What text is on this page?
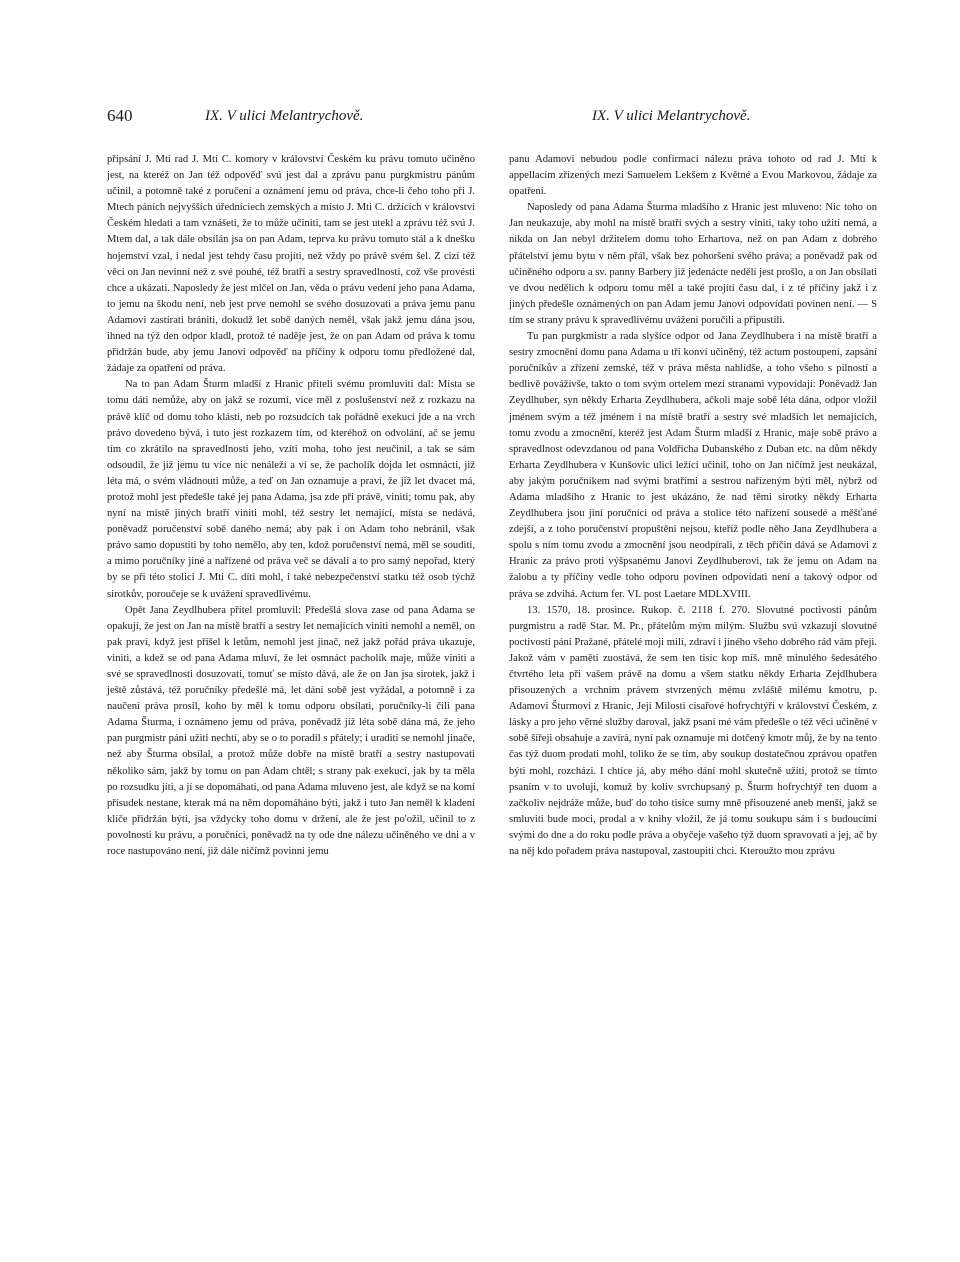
640	IX. V ulici Melantrychově.	IX. V ulici Melantrychově.

připsání J. Mtí rad J. Mtí C. komory v království Českém ku právu tomuto učiněno jest, na kteréž on Jan též odpověď svú jest dal a zprávu panu purgkmistru pánům učinil, a potomně také z poručení a oznámení jemu od práva, chce-li čeho toho při J. Mtech páních nejvyšších úředníciech zemských a místo J. Mti C. držících v království Českém hledati a tam vznášeti, že to může učiniti, tam se jest utekl a zprávu též svú J. Mtem dal, a tak dále obsílán jsa on pan Adam, teprva ku právu tomuto stál a k dnešku hojemství vzal, i nedal jest tehdy času projíti, než vždy po právě svém šel. Z cizí též věci on Jan nevinní než z své pouhé, též bratří a sestry spravedlnosti, což vše provésti chce a ukázati. Naposledy že jest mlčel on Jan, věda o právu vedení jeho pana Adama, to jemu na škodu není, neb jest prve nemohl se svého dosuzovati a práva jemu panu Adamovi zastírati brániti, dokudž let sobě daných neměl, však jakž jemu dána jsou, ihned na týž den odpor kladl, protož té naděje jest, že on pan Adam od práva k tomu přidržán bude, aby jemu Janovi odpověď na příčiny k odporu tomu předložené dal, žádaje za opatření od práva.

Na to pan Adam Šturm mladší z Hranic přiteli svému promluviti dal: Místa se tomu dáti nemůže, aby on jakž se rozumí, více měl z poslušenství než z rozkazu na právě klíč od domu toho klásti, neb po rozsudcích tak pořádně exekucí jde a na vrch právo dovedeno bývá, i tuto jest rozkazem tím, od kteréhož on odvolání, ač se jemu tím co zkrátilo na spravedlnosti jeho, vzíti moha, toho jest neučinil, a tak se sám odsoudil, že již jemu tu více nic nenáleží a ví se, že pacholík dojda let osmnácti, již léta má, o svém vládnouti může, a teď on Jan oznamuje a praví, že již let dvacet má, protož mohl jest předešle také jej pana Adama, jsa zde při právě, viniti; tomu pak, aby nyní na místě jiných bratří viniti mohl, též sestry let nemající, místa se nedává, poněvadž poručenství sobě daného nemá; aby pak i on Adam toho nebránil, však právo samo dopustiti by toho nemělo, aby ten, kdož poručenství nemá, měl se souditi, a mimo poručníky jiné a nařízené od práva več se dávali a to pro samý nepořad, který by se při této stolici J. Mti C. díti mohl, i také nebezpečenství statku též osob týchž sirotkův, poroučeje se k uvážení spravedlivému.

Opět Jana Zeydlhubera přítel promluvil: Předešlá slova zase od pana Adama se opakují, že jest on Jan na místě bratří a sestry let nemajících viniti nemohl a neměl, on pak praví, když jest přišel k letům, nemohl jest jinač, než jakž pořád práva ukazuje, viniti, a kdež se od pana Adama mluví, že let osmnáct pacholík maje, může viniti a své se spravedlnosti dosuzovati, tomuť se místo dává, ale že on Jan jsa sirotek, jakž i ještě zůstává, též poručníky předešlé má, let dání sobě jest vyžádal, a potomně i za naučení práva prosil, koho by měl k tomu odporu obsílati, poručníky-li čili pana Adama Šturma, i oznámeno jemu od práva, poněvadž již léta sobě dána má, že jeho pan purgmistr páni užiti nechtí, aby se o to poradil s přátely; i uraditi se nemohl jinače, než aby Šturma obsílal, a protož může dobře na místě bratří a sestry nastupovati několiko sám, jakž by tomu on pan Adam chtěl; s strany pak exekucí, jak by ta měla po rozsudku jíti, a jí se dopomáhati, od pana Adama mluveno jest, ale když se na komí přísudek nestane, kterak má na něm dopomáháno býti, jakž i tuto Jan neměl k kladení klíče přidržán býti, jsa vždycky toho domu v držení, ale že jest po'ožil, učinil to z povolnosti ku právu, a poručníci, poněvadž na ty ode dne nálezu učiněného ve dni a v roce nastupováno není, již dále ničímž povinni jemu

panu Adamovi nebudou podle confirmací nálezu práva tohoto od rad J. Mtí k appellacím zřízených mezi Samuelem Lekšem z Květné a Evou Markovou, žádaje za opatření.

Naposledy od pana Adama Šturma mladšího z Hranic jest mluveno: Nic toho on Jan neukazuje, aby mohl na místě bratří svých a sestry viniti, taky toho užití nemá, a nikda on Jan nebyl držitelem domu toho Erhartova, než on pan Adam z dobrého přátelství jemu bytu v něm přál, však bez pohoršení svého práva; a poněvadž pak od učiněného odporu a sv. panny Barbery již jedenácte nedělí jest prošlo, a on Jan obsílati ve dvou nedělích k odporu tomu měl a také projíti času dal, i z té příčiny jakž i z jiných předešle oznámených on pan Adam jemu Janovi odpovídati povinen není. — S tím se strany právu k spravedlivému uvážení poručili a připustili.

Tu pan purgkmistr a rada slyšíce odpor od Jana Zeydlhubera i na místě bratří a sestry zmocnění domu pana Adama u tří konví učiněný, též actum postoupení, zapsání poručníkův a zřízení zemské, též v práva města nahlídše, a toho všeho s pilností a bedlivě povážívše, takto o tom svým ortelem mezi stranami vypovídají: Poněvadž Jan Zeydlhuber, syn někdy Erharta Zeydlhubera, ačkoli maje sobě léta dána, odpor vložil jménem svým a též jménem i na místě bratří a sestry své mladších let nemajících, tomu zvodu a zmocnění, kteréž jest Adam Šturm mladší z Hranic, maje sobě právo a spravedlnost odevzdanou od pana Voldřicha Dubanského z Duban etc. na dům někdy Erharta Zeydlhubera v Kunšovic ulici ležící učinil, toho on Jan ničímž jest neukázal, aby jakým poručníkem nad svými bratřími a sestrou nařízeným býti měl, nýbrž od Adama mladšího z Hranic to jest ukázáno, že nad těmi sirotky někdy Erharta Zeydlhubera jsou jiní poručníci od práva a stolice této nařízení sousedé a měšťané zdejší, a z toho poručenství propuštěni nejsou, kteříž podle něho Jana Zeydlhubera a spolu s ním tomu zvodu a zmocnění jsou neodpírali, z těch příčin dává se Adamovi z Hranic za právo proti výšpsanému Janovi Zeydlhuberovi, tak že jemu on Adam na žalobu a ty příčiny vedle toho odporu povinen odpovídati není a takový odpor od práva se zdvihá. Actum fer. VI. post Laetare MDLXVIII.

13. 1570, 18. prosince. Rukop. č. 2118 f. 270. Slovutné poctivosti pánům purgmistru a radě Star. M. Pr., přátelům mým milým. Službu svú vzkazuji slovutné poctivosti páni Pražané, přátelé moji milí, zdraví i jiného všeho dobrého rád vám přeji. Jakož vám v paměti zuostává, že sem ten tisíc kop míš. mně minulého šedesátého čtvrtého leta při vašem právě na domu a všem statku někdy Erharta Zejdlhubera přisouzených a vrchním právem stvrzených mému zvláště milému kmotru, p. Adamovi Šturmovi z Hranic, Její Milosti císařové hofrychtýři v království Českém, z lásky a pro jeho věrné služby daroval, jakž psaní mé vám předešle o též věci učiněné v sobě šířeji obsahuje a zavírá, nyní pak oznamuje mi dotčený kmotr můj, že by na tento čas týž duom prodati mohl, toliko že se tím, aby soukup dostatečnou zprávou opatřen býti mohl, rozcházi. I chtíce já, aby mého dání mohl skutečně užiti, protož se tímto psaním v to uvoluji, komuž by koliv svrchupsaný p. Šturm hofrychtýř ten duom a začkoliv nejdráže může, buď do toho tisíce sumy mně přisouzené aneb menší, jakž se smluviti bude moci, prodal a v knihy vložil, že já tomu soukupu sám i s budoucími svými do dne a do roku podle práva a obyčeje vašeho týž duom spravovati a jej, ač by na něj kdo pořadem práva nastupoval, zastoupiti chci. Kteroužto mou zprávu
